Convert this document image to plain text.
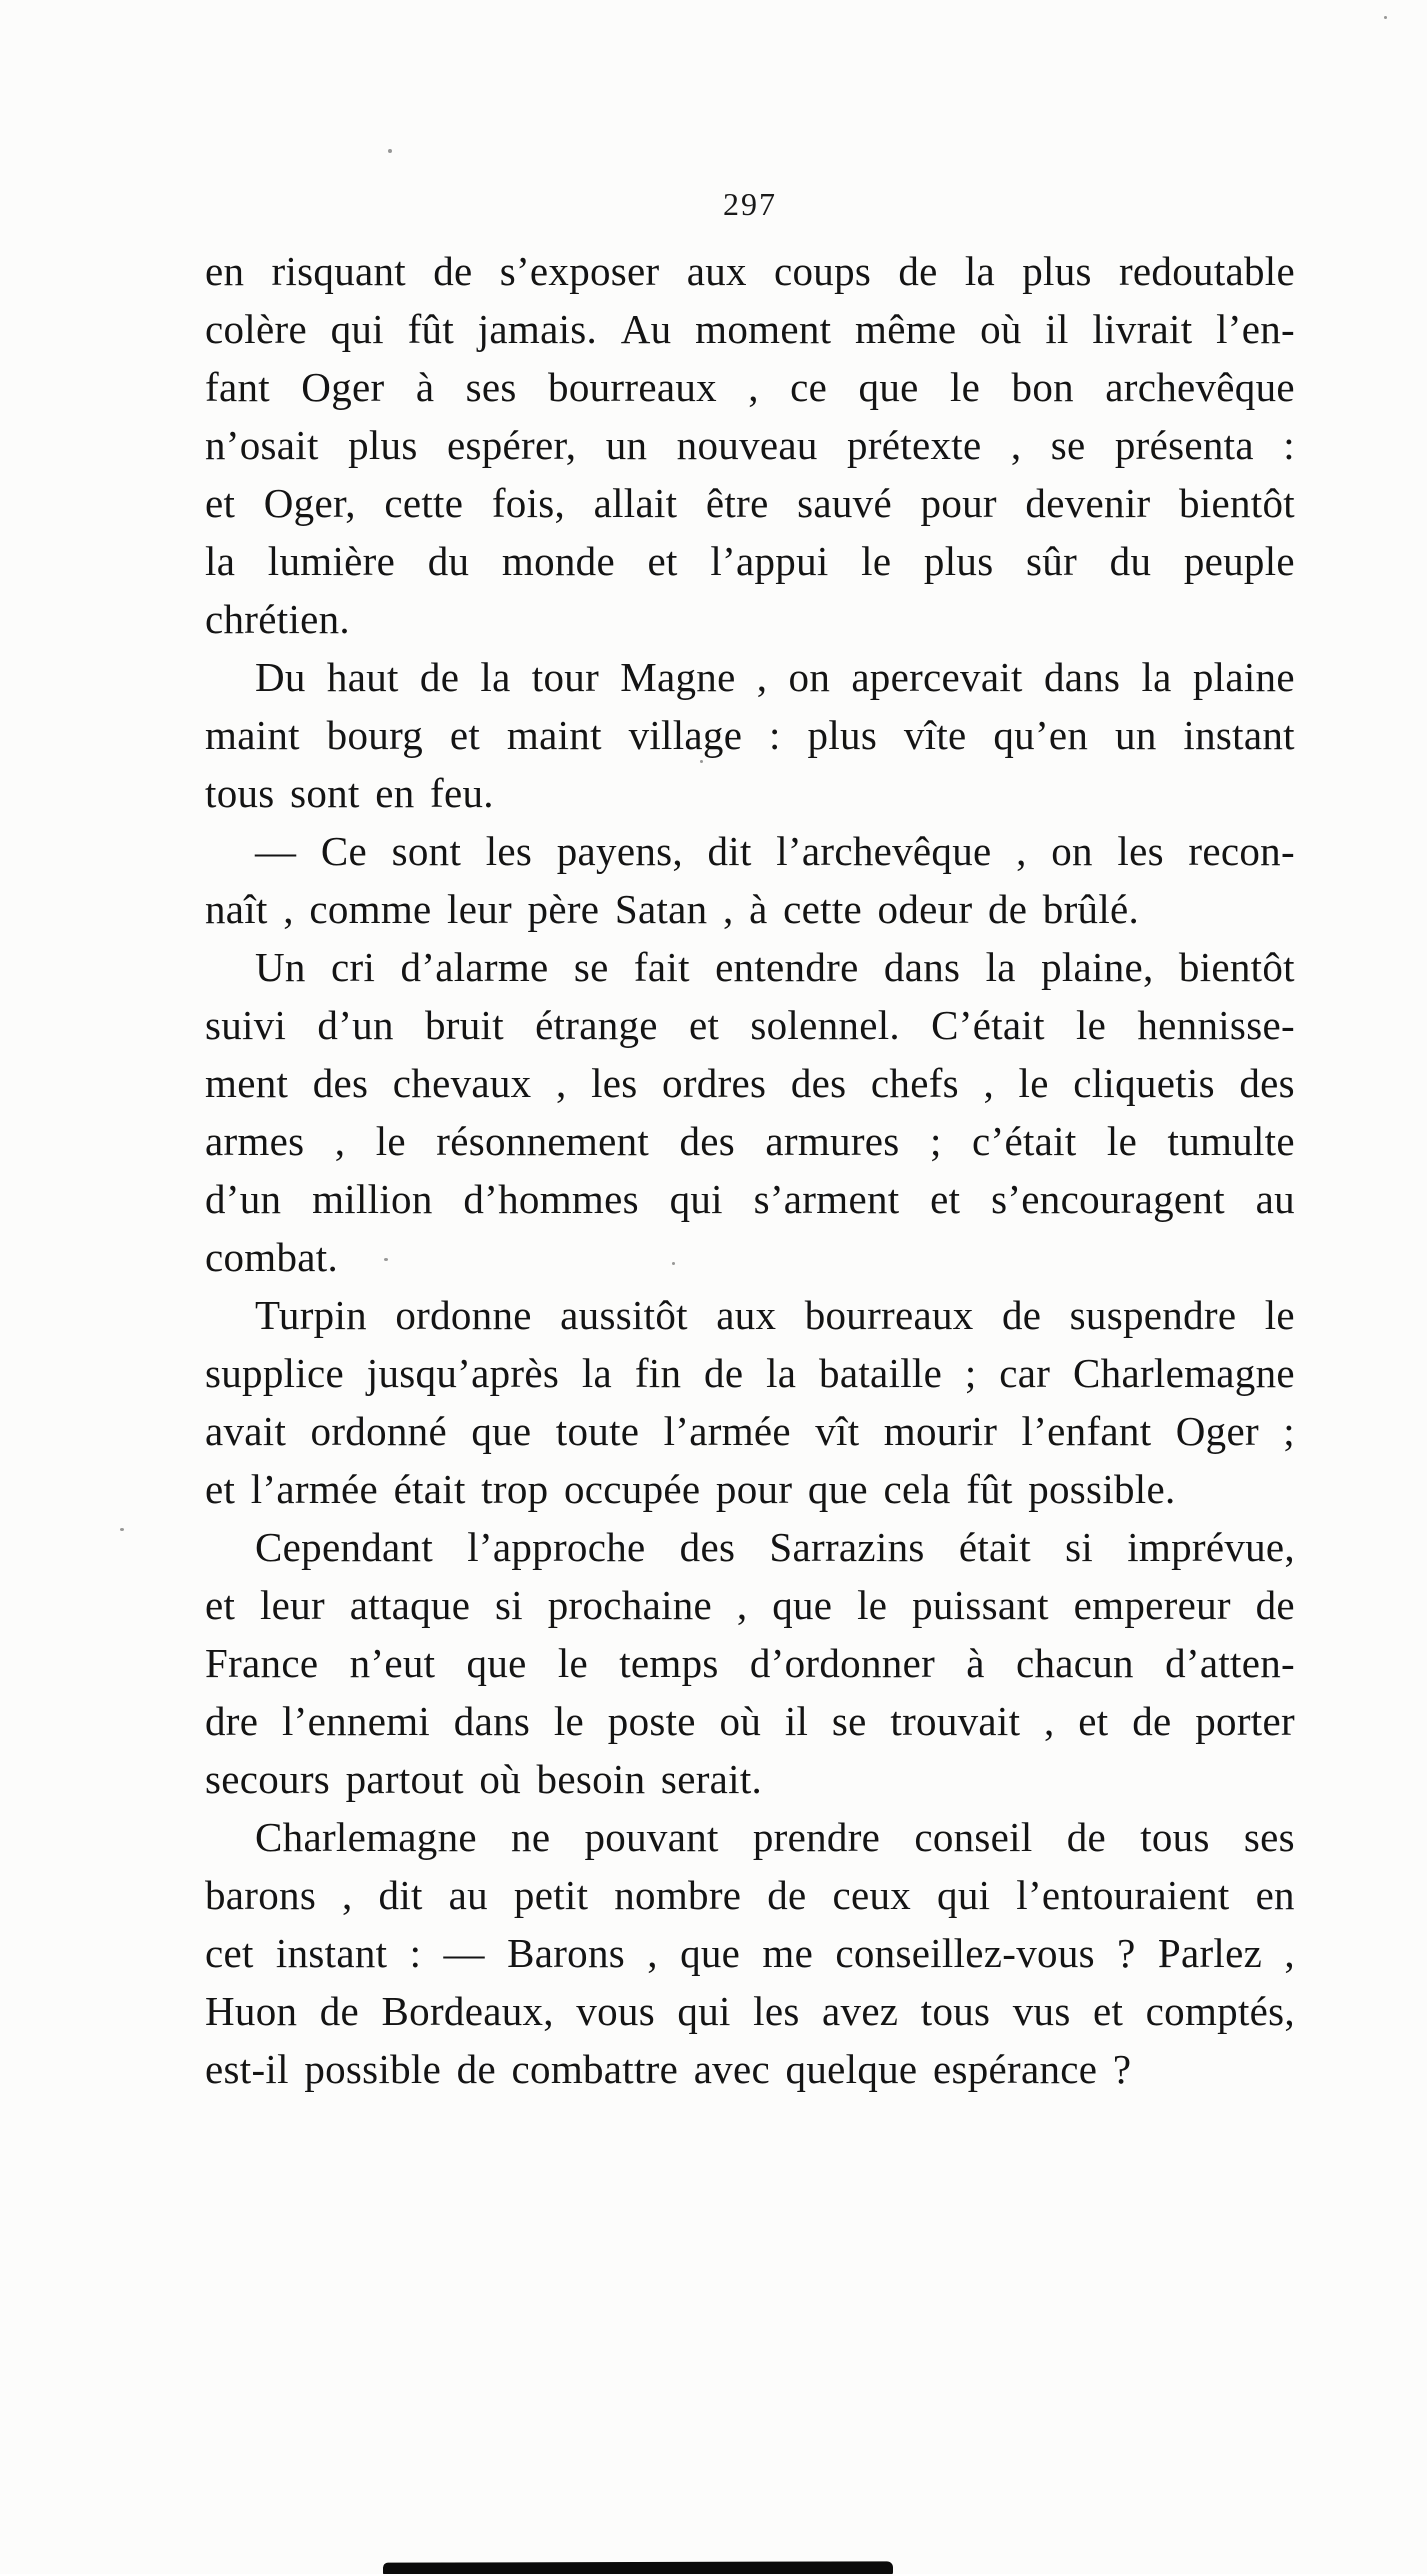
297
en risquant de s’exposer aux coups de la plus redoutable
colère qui fût jamais. Au moment même où il livrait l’en-
fant Oger à ses bourreaux , ce que le bon archevêque
n’osait plus espérer, un nouveau prétexte , se présenta :
et Oger, cette fois, allait être sauvé pour devenir bientôt
la lumière du monde et l’appui le plus sûr du peuple
chrétien.
Du haut de la tour Magne , on apercevait dans la plaine
maint bourg et maint village : plus vîte qu’en un instant
tous sont en feu.
— Ce sont les payens, dit l’archevêque , on les recon-
naît , comme leur père Satan , à cette odeur de brûlé.
Un cri d’alarme se fait entendre dans la plaine, bientôt
suivi d’un bruit étrange et solennel. C’était le hennisse-
ment des chevaux , les ordres des chefs , le cliquetis des
armes , le résonnement des armures ; c’était le tumulte
d’un million d’hommes qui s’arment et s’encouragent au
combat.
Turpin ordonne aussitôt aux bourreaux de suspendre le
supplice jusqu’après la fin de la bataille ; car Charlemagne
avait ordonné que toute l’armée vît mourir l’enfant Oger ;
et l’armée était trop occupée pour que cela fût possible.
Cependant l’approche des Sarrazins était si imprévue,
et leur attaque si prochaine , que le puissant empereur de
France n’eut que le temps d’ordonner à chacun d’atten-
dre l’ennemi dans le poste où il se trouvait , et de porter
secours partout où besoin serait.
Charlemagne ne pouvant prendre conseil de tous ses
barons , dit au petit nombre de ceux qui l’entouraient en
cet instant : — Barons , que me conseillez-vous ? Parlez ,
Huon de Bordeaux, vous qui les avez tous vus et comptés,
est-il possible de combattre avec quelque espérance ?
